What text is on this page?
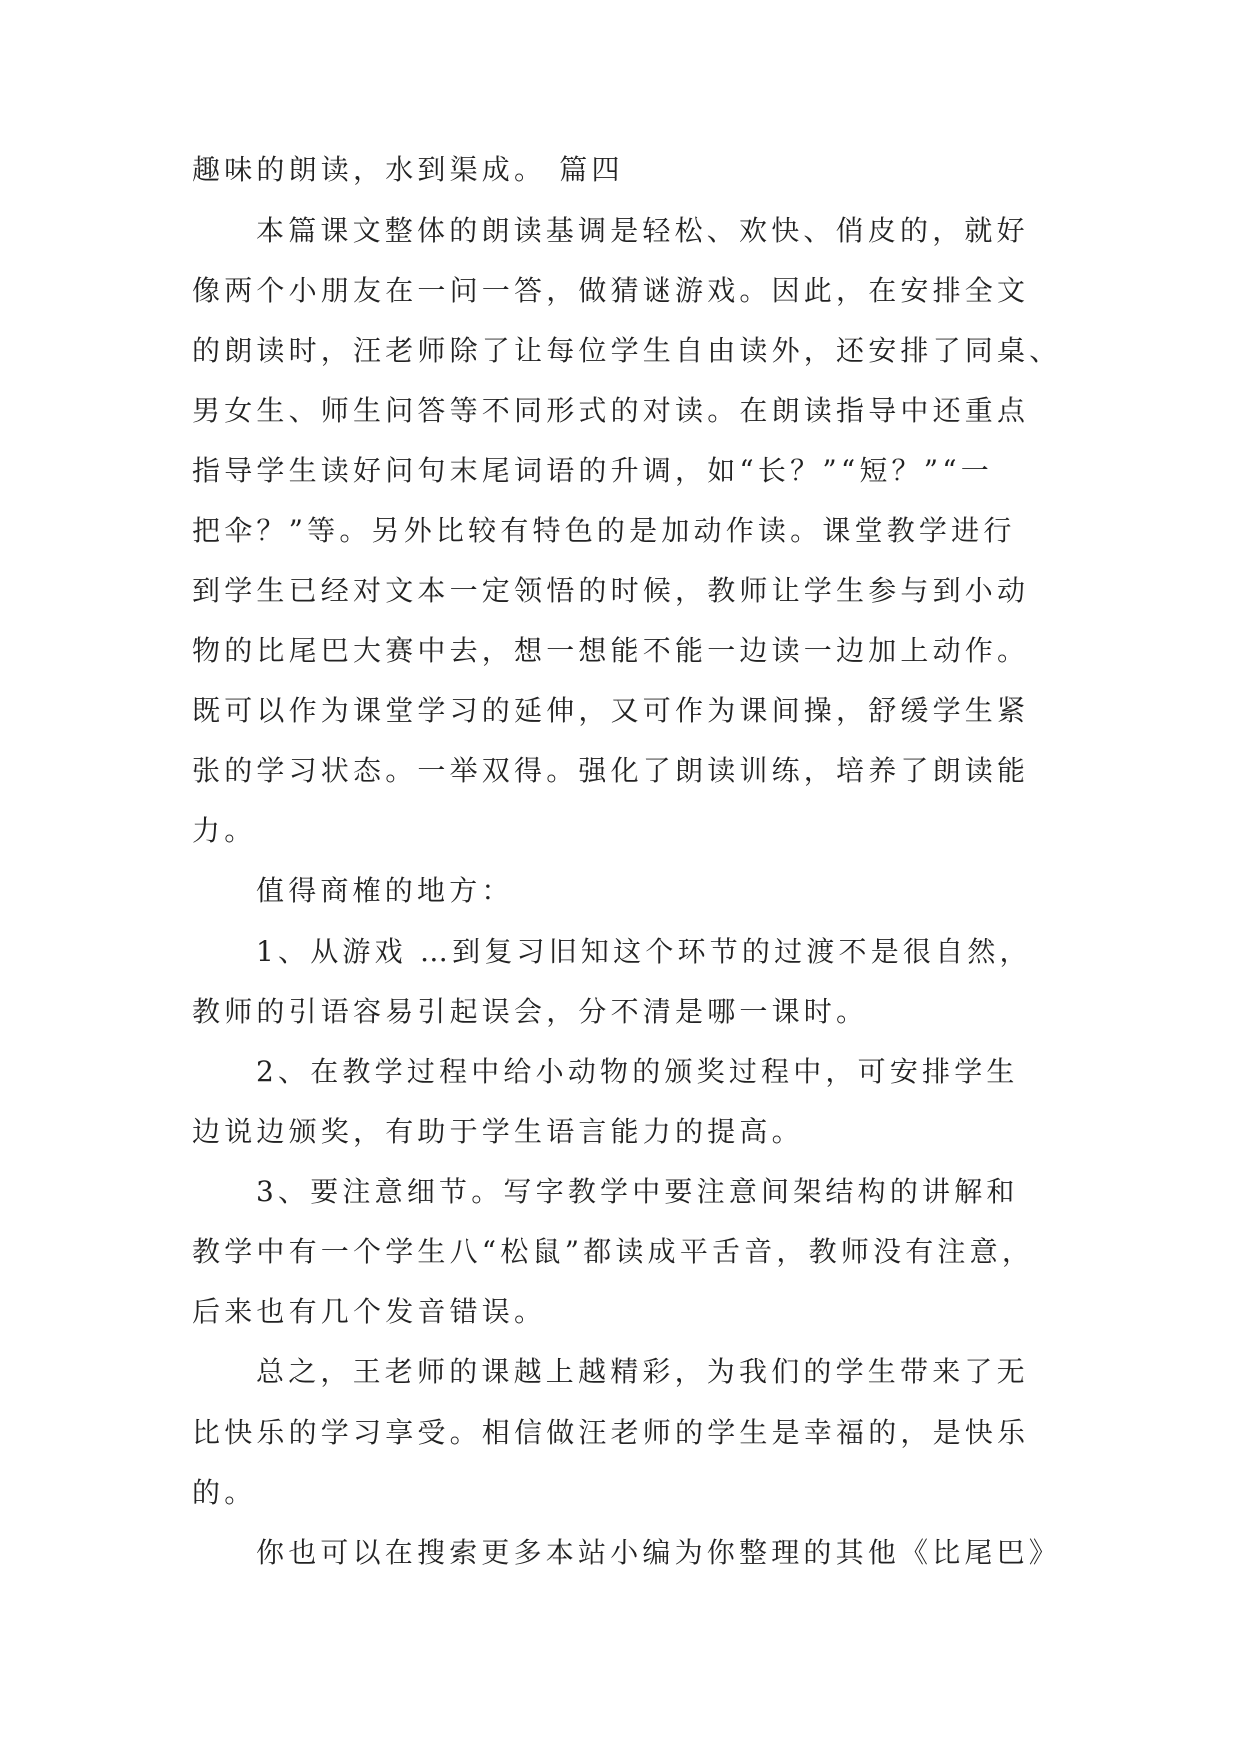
趣味的朗读，水到渠成。 篇四
本篇课文整体的朗读基调是轻松、欢快、俏皮的，就好
像两个小朋友在一问一答，做猜谜游戏。因此，在安排全文
的朗读时，汪老师除了让每位学生自由读外，还安排了同桌、
男女生、师生问答等不同形式的对读。在朗读指导中还重点
指导学生读好问句末尾词语的升调，如“长？”“短？”“一
把伞？”等。另外比较有特色的是加动作读。课堂教学进行
到学生已经对文本一定领悟的时候，教师让学生参与到小动
物的比尾巴大赛中去，想一想能不能一边读一边加上动作。
既可以作为课堂学习的延伸，又可作为课间操，舒缓学生紧
张的学习状态。一举双得。强化了朗读训练，培养了朗读能
力。
值得商榷的地方：
1、从游戏 …到复习旧知这个环节的过渡不是很自然，
教师的引语容易引起误会，分不清是哪一课时。
2、在教学过程中给小动物的颁奖过程中，可安排学生
边说边颁奖，有助于学生语言能力的提高。
3、要注意细节。写字教学中要注意间架结构的讲解和
教学中有一个学生八“松鼠”都读成平舌音，教师没有注意，
后来也有几个发音错误。
总之，王老师的课越上越精彩，为我们的学生带来了无
比快乐的学习享受。相信做汪老师的学生是幸福的，是快乐
的。
你也可以在搜索更多本站小编为你整理的其他《比尾巴》
